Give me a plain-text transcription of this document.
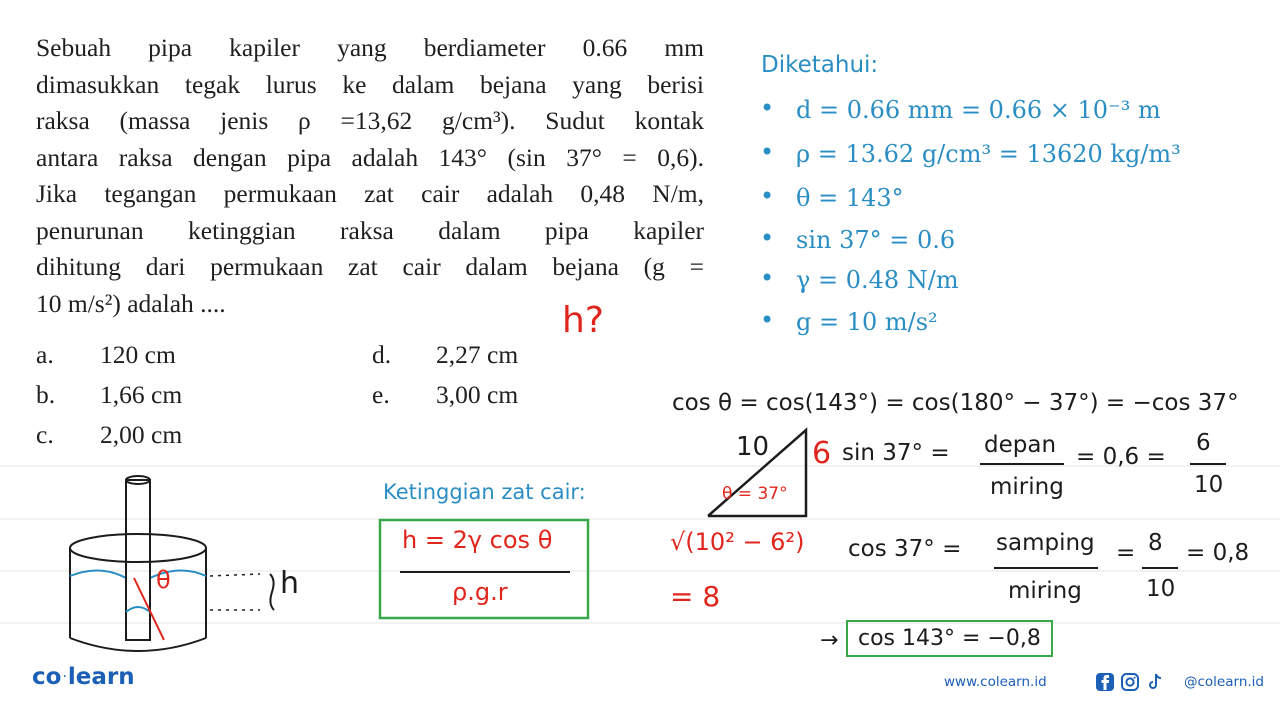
Sebuah pipa kapiler yang berdiameter 0.66 mm

dimasukkan tegak lurus ke dalam bejana yang berisi

raksa (massa jenis ρ =13,62 g/cm³). Sudut kontak

antara raksa dengan pipa adalah 143° (sin 37° = 0,6).

Jika tegangan permukaan zat cair adalah 0,48 N/m,

penurunan ketinggian raksa dalam pipa kapiler

dihitung dari permukaan zat cair dalam bejana (g =

10 m/s²) adalah ....

a. 120 cm
b. 1,66 cm
c. 2,00 cm
d. 2,27 cm
e. 3,00 cm
h?
Diketahui:
• d = 0.66 mm = 0.66 × 10⁻³ m
• ρ = 13.62 g/cm³ = 13620 kg/m³
• θ = 143°
• sin 37° = 0.6
• γ = 0.48 N/m
• g = 10 m/s²
cos θ = cos(143°) = cos(180° − 37°) = −cos 37°
10 6
θ = 37°
√(10² − 6²)
= 8
sin 37° = depan
miring
= 0,6 =
6
10
cos 37° = samping
miring
= 8
10
= 0,8
→ cos 143° = −0,8
Ketinggian zat cair:
h = 2γ cos θ
ρ.g.r
θ	h
co·learn	www.colearn.id	@colearn.id
